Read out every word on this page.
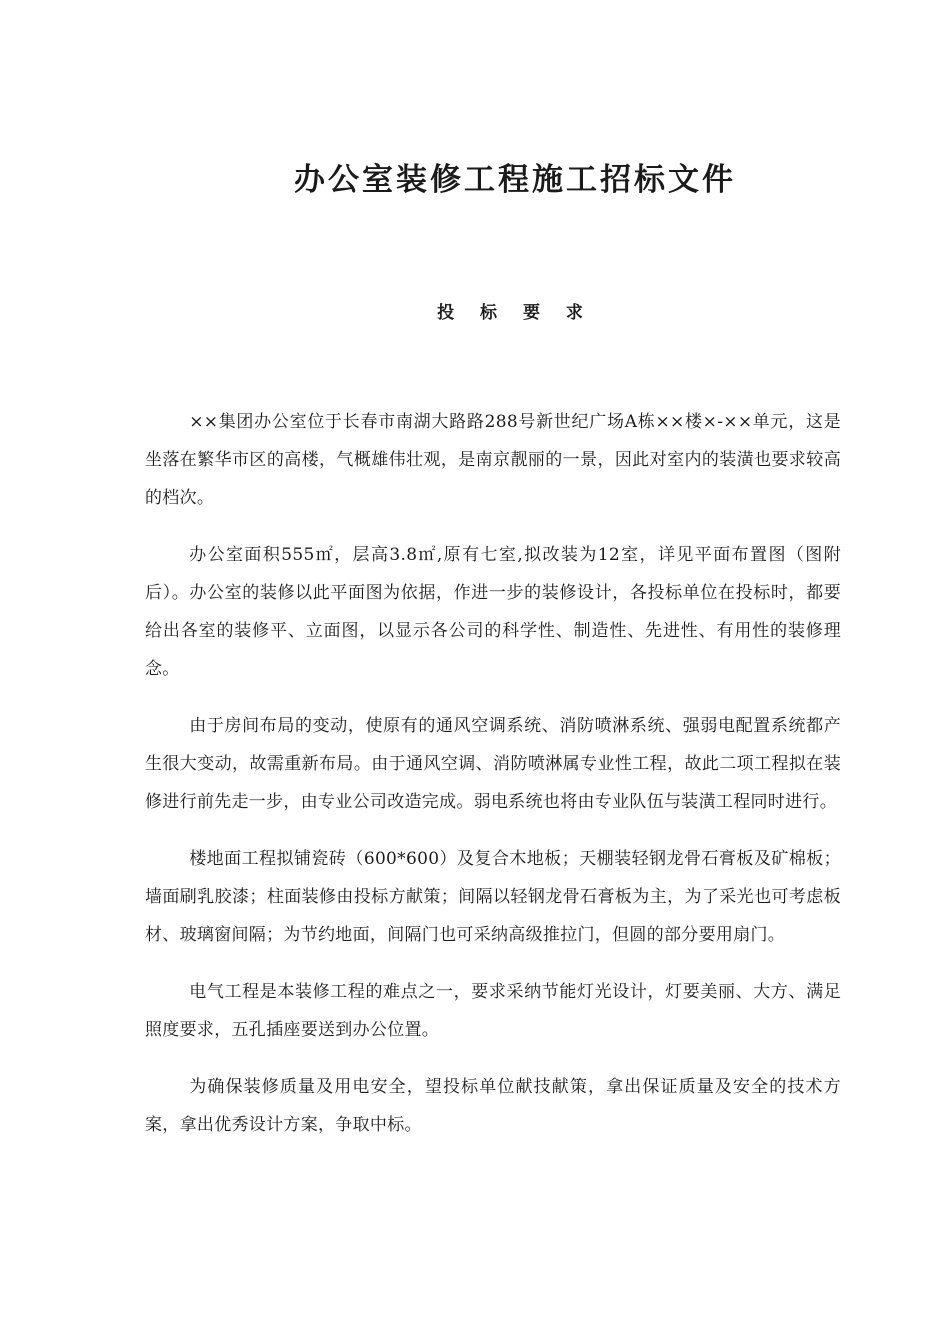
办公室装修工程施工招标文件
投 标 要 求

××集团办公室位于长春市南湖大路路288号新世纪广场A栋××楼×-××单元，这是坐落在繁华市区的高楼，气概雄伟壮观，是南京靓丽的一景，因此对室内的装潢也要求较高的档次。

办公室面积555㎡，层高3.8㎡,原有七室,拟改装为12室，详见平面布置图（图附后）。办公室的装修以此平面图为依据，作进一步的装修设计，各投标单位在投标时，都要给出各室的装修平、立面图，以显示各公司的科学性、制造性、先进性、有用性的装修理念。

由于房间布局的变动，使原有的通风空调系统、消防喷淋系统、强弱电配置系统都产生很大变动，故需重新布局。由于通风空调、消防喷淋属专业性工程，故此二项工程拟在装修进行前先走一步，由专业公司改造完成。弱电系统也将由专业队伍与装潢工程同时进行。

楼地面工程拟铺瓷砖（600*600）及复合木地板；天棚装轻钢龙骨石膏板及矿棉板；墙面刷乳胶漆；柱面装修由投标方献策；间隔以轻钢龙骨石膏板为主，为了采光也可考虑板材、玻璃窗间隔；为节约地面，间隔门也可采纳高级推拉门，但圆的部分要用扇门。

电气工程是本装修工程的难点之一，要求采纳节能灯光设计，灯要美丽、大方、满足照度要求，五孔插座要送到办公位置。

为确保装修质量及用电安全，望投标单位献技献策，拿出保证质量及安全的技术方案，拿出优秀设计方案，争取中标。
